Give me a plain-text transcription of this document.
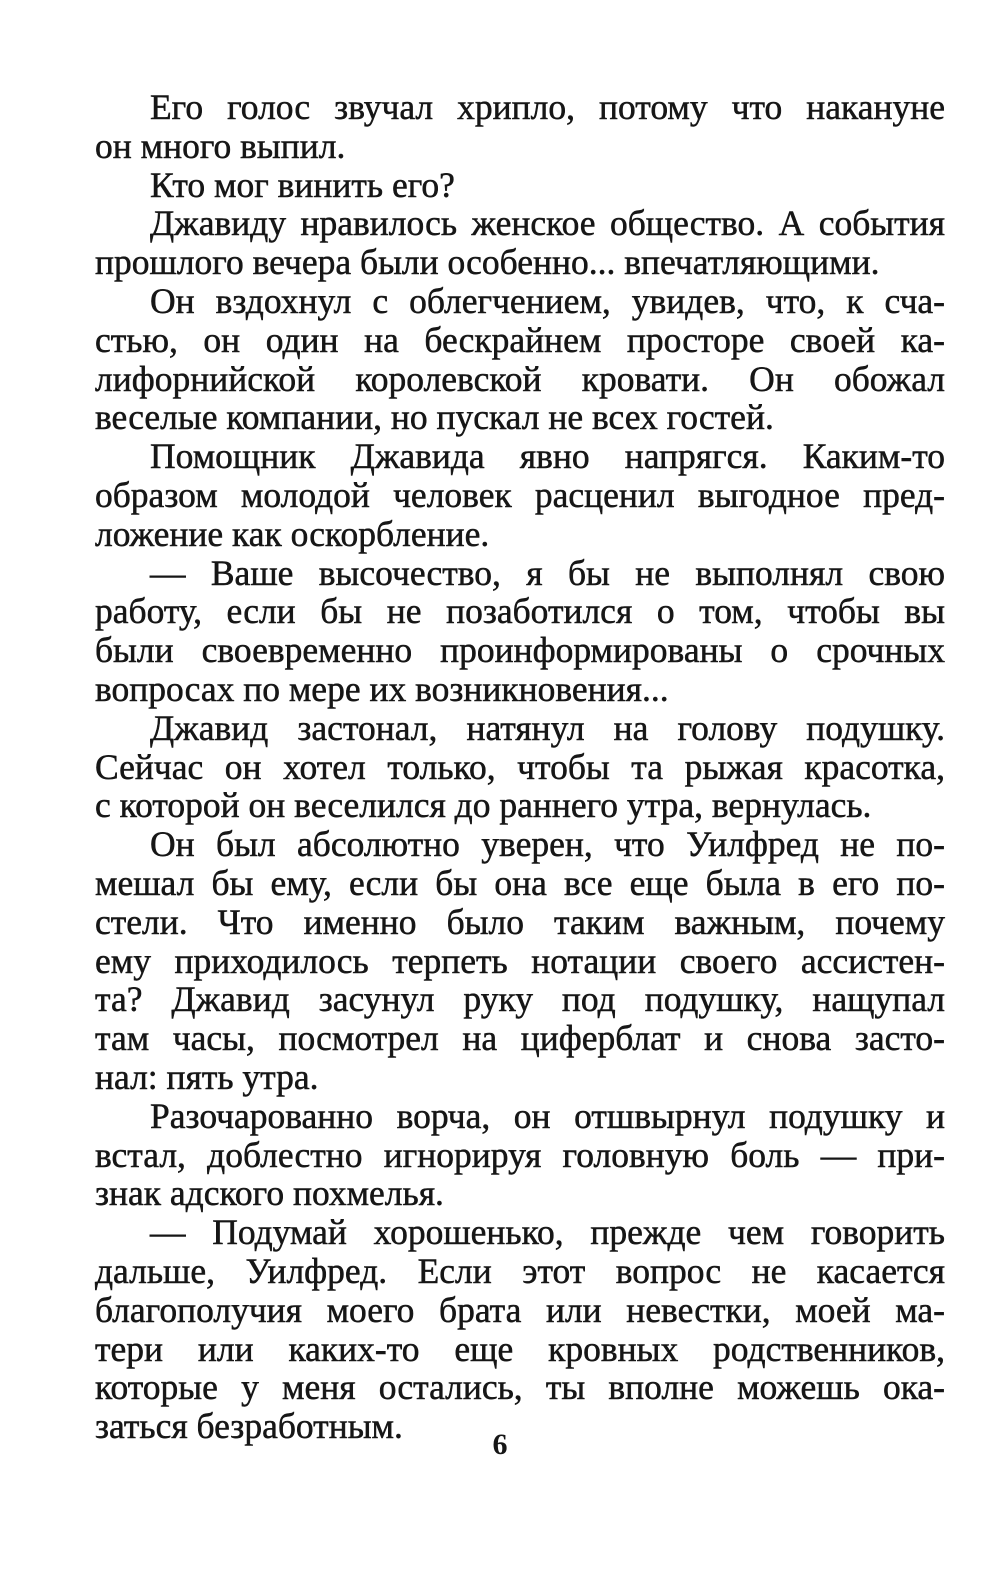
Его голос звучал хрипло, потому что накануне
он много выпил.
Кто мог винить его?
Джавиду нравилось женское общество. А события
прошлого вечера были особенно... впечатляющими.
Он вздохнул с облегчением, увидев, что, к сча-
стью, он один на бескрайнем просторе своей ка-
лифорнийской королевской кровати. Он обожал
веселые компании, но пускал не всех гостей.
Помощник Джавида явно напрягся. Каким-то
образом молодой человек расценил выгодное пред-
ложение как оскорбление.
— Ваше высочество, я бы не выполнял свою
работу, если бы не позаботился о том, чтобы вы
были своевременно проинформированы о срочных
вопросах по мере их возникновения...
Джавид застонал, натянул на голову подушку.
Сейчас он хотел только, чтобы та рыжая красотка,
с которой он веселился до раннего утра, вернулась.
Он был абсолютно уверен, что Уилфред не по-
мешал бы ему, если бы она все еще была в его по-
стели. Что именно было таким важным, почему
ему приходилось терпеть нотации своего ассистен-
та? Джавид засунул руку под подушку, нащупал
там часы, посмотрел на циферблат и снова засто-
нал: пять утра.
Разочарованно ворча, он отшвырнул подушку и
встал, доблестно игнорируя головную боль — при-
знак адского похмелья.
— Подумай хорошенько, прежде чем говорить
дальше, Уилфред. Если этот вопрос не касается
благополучия моего брата или невестки, моей ма-
тери или каких-то еще кровных родственников,
которые у меня остались, ты вполне можешь ока-
заться безработным.	6
